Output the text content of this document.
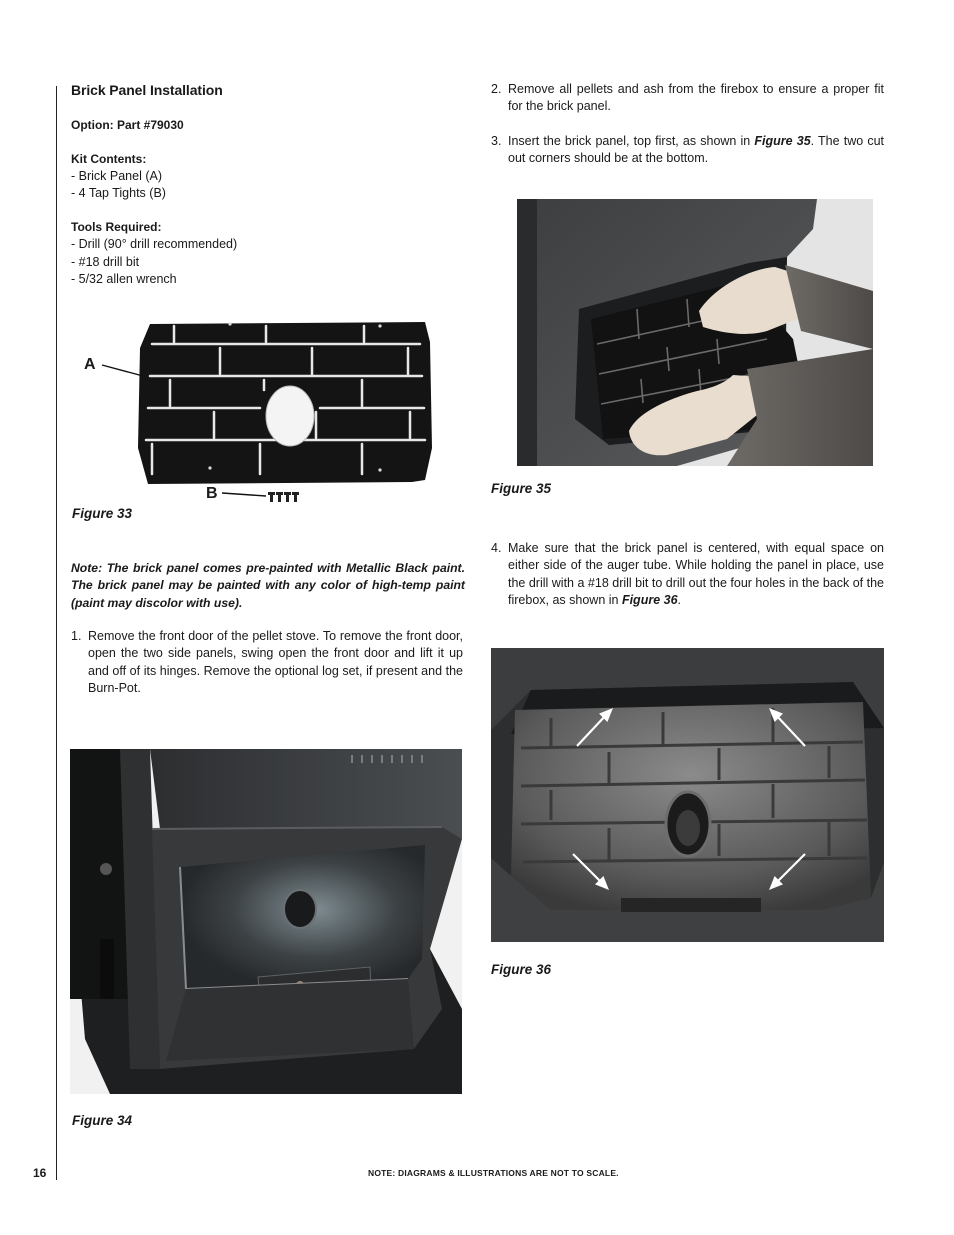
Brick Panel Installation
Option: Part #79030
Kit Contents:
- Brick Panel (A)
- 4 Tap Tights (B)
Tools Required:
- Drill (90° drill recommended)
- #18 drill bit
- 5/32 allen wrench
A
B
Figure 33
Note: The brick panel comes pre-painted with Metallic Black paint. The brick panel may be painted with any color of high-temp paint (paint may discolor with use).
1. Remove the front door of the pellet stove. To remove the front door, open the two side panels, swing open the front door and lift it up and off of its hinges. Remove the optional log set, if present and the Burn-Pot.
Figure 34
2. Remove all pellets and ash from the firebox to ensure a proper fit for the brick panel.
3. Insert the brick panel, top first, as shown in Figure 35. The two cut out corners should be at the bottom.
Figure 35
4. Make sure that the brick panel is centered, with equal space on either side of the auger tube. While holding the panel in place, use the drill with a #18 drill bit to drill out the four holes in the back of the firebox, as shown in Figure 36.
Figure 36
16	NOTE: DIAGRAMS & ILLUSTRATIONS ARE NOT TO SCALE.
